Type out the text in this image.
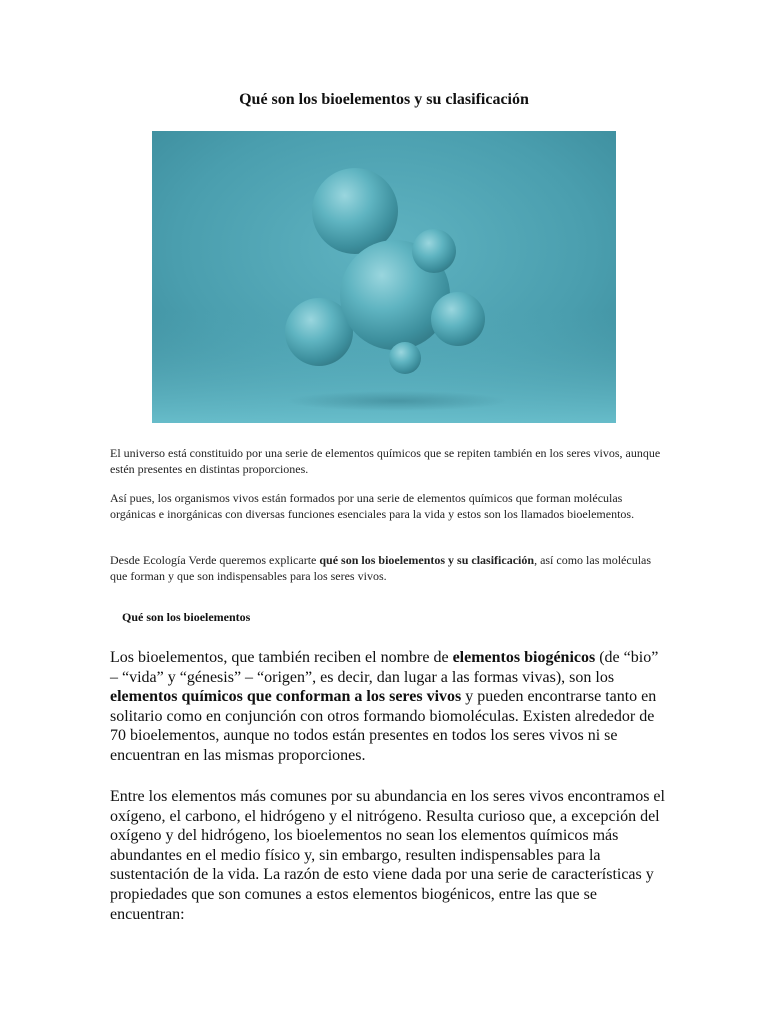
Qué son los bioelementos y su clasificación

El universo está constituido por una serie de elementos químicos que se repiten también en los seres vivos, aunque estén presentes en distintas proporciones.

Así pues, los organismos vivos están formados por una serie de elementos químicos que forman moléculas orgánicas e inorgánicas con diversas funciones esenciales para la vida y estos son los llamados bioelementos.

Desde Ecología Verde queremos explicarte qué son los bioelementos y su clasificación, así como las moléculas que forman y que son indispensables para los seres vivos.

Qué son los bioelementos

Los bioelementos, que también reciben el nombre de elementos biogénicos (de “bio” – “vida” y “génesis” – “origen”, es decir, dan lugar a las formas vivas), son los elementos químicos que conforman a los seres vivos y pueden encontrarse tanto en solitario como en conjunción con otros formando biomoléculas. Existen alrededor de 70 bioelementos, aunque no todos están presentes en todos los seres vivos ni se encuentran en las mismas proporciones.

Entre los elementos más comunes por su abundancia en los seres vivos encontramos el oxígeno, el carbono, el hidrógeno y el nitrógeno. Resulta curioso que, a excepción del oxígeno y del hidrógeno, los bioelementos no sean los elementos químicos más abundantes en el medio físico y, sin embargo, resulten indispensables para la sustentación de la vida. La razón de esto viene dada por una serie de características y propiedades que son comunes a estos elementos biogénicos, entre las que se encuentran:
